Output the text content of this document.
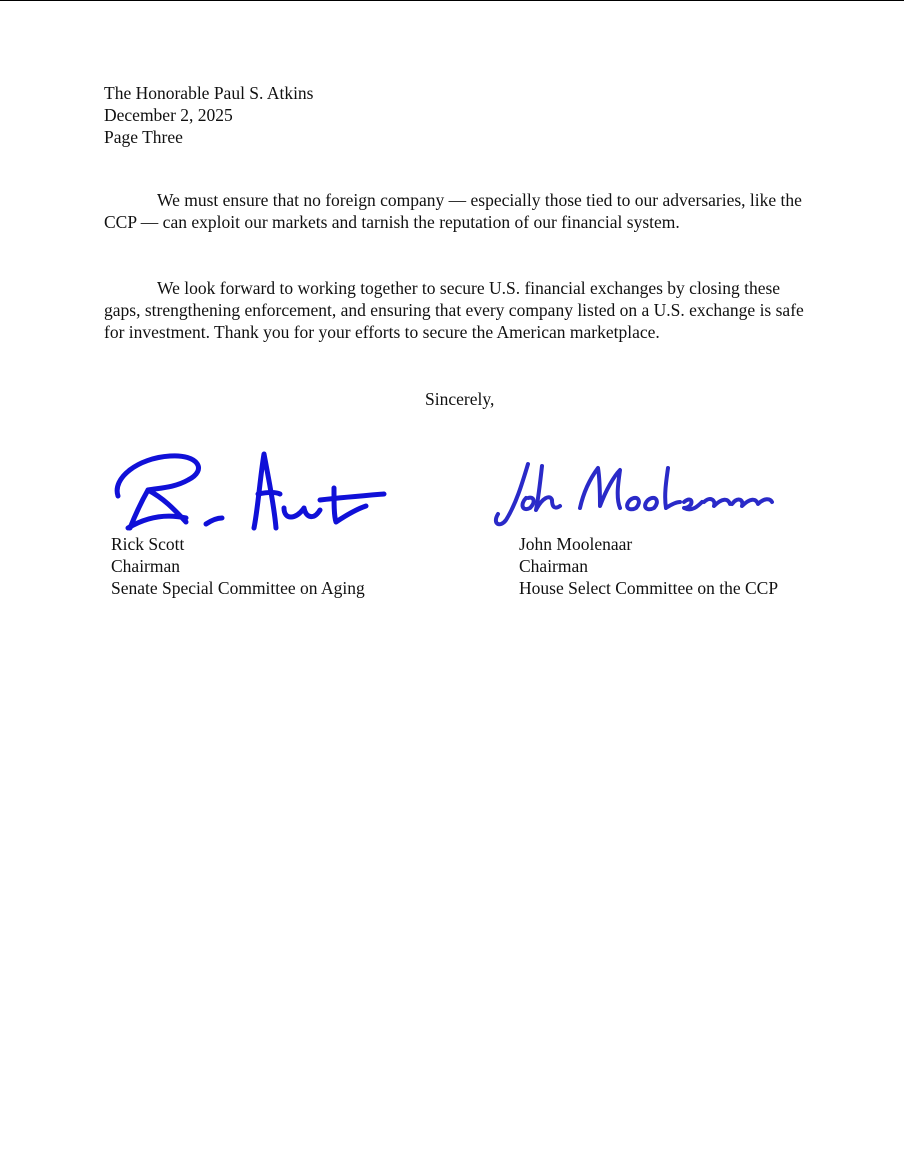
The Honorable Paul S. Atkins
December 2, 2025
Page Three

We must ensure that no foreign company — especially those tied to our adversaries, like the CCP — can exploit our markets and tarnish the reputation of our financial system.

We look forward to working together to secure U.S. financial exchanges by closing these gaps, strengthening enforcement, and ensuring that every company listed on a U.S. exchange is safe for investment. Thank you for your efforts to secure the American marketplace.

Sincerely,
Rick Scott
Chairman
Senate Special Committee on Aging
John Moolenaar
Chairman
House Select Committee on the CCP
